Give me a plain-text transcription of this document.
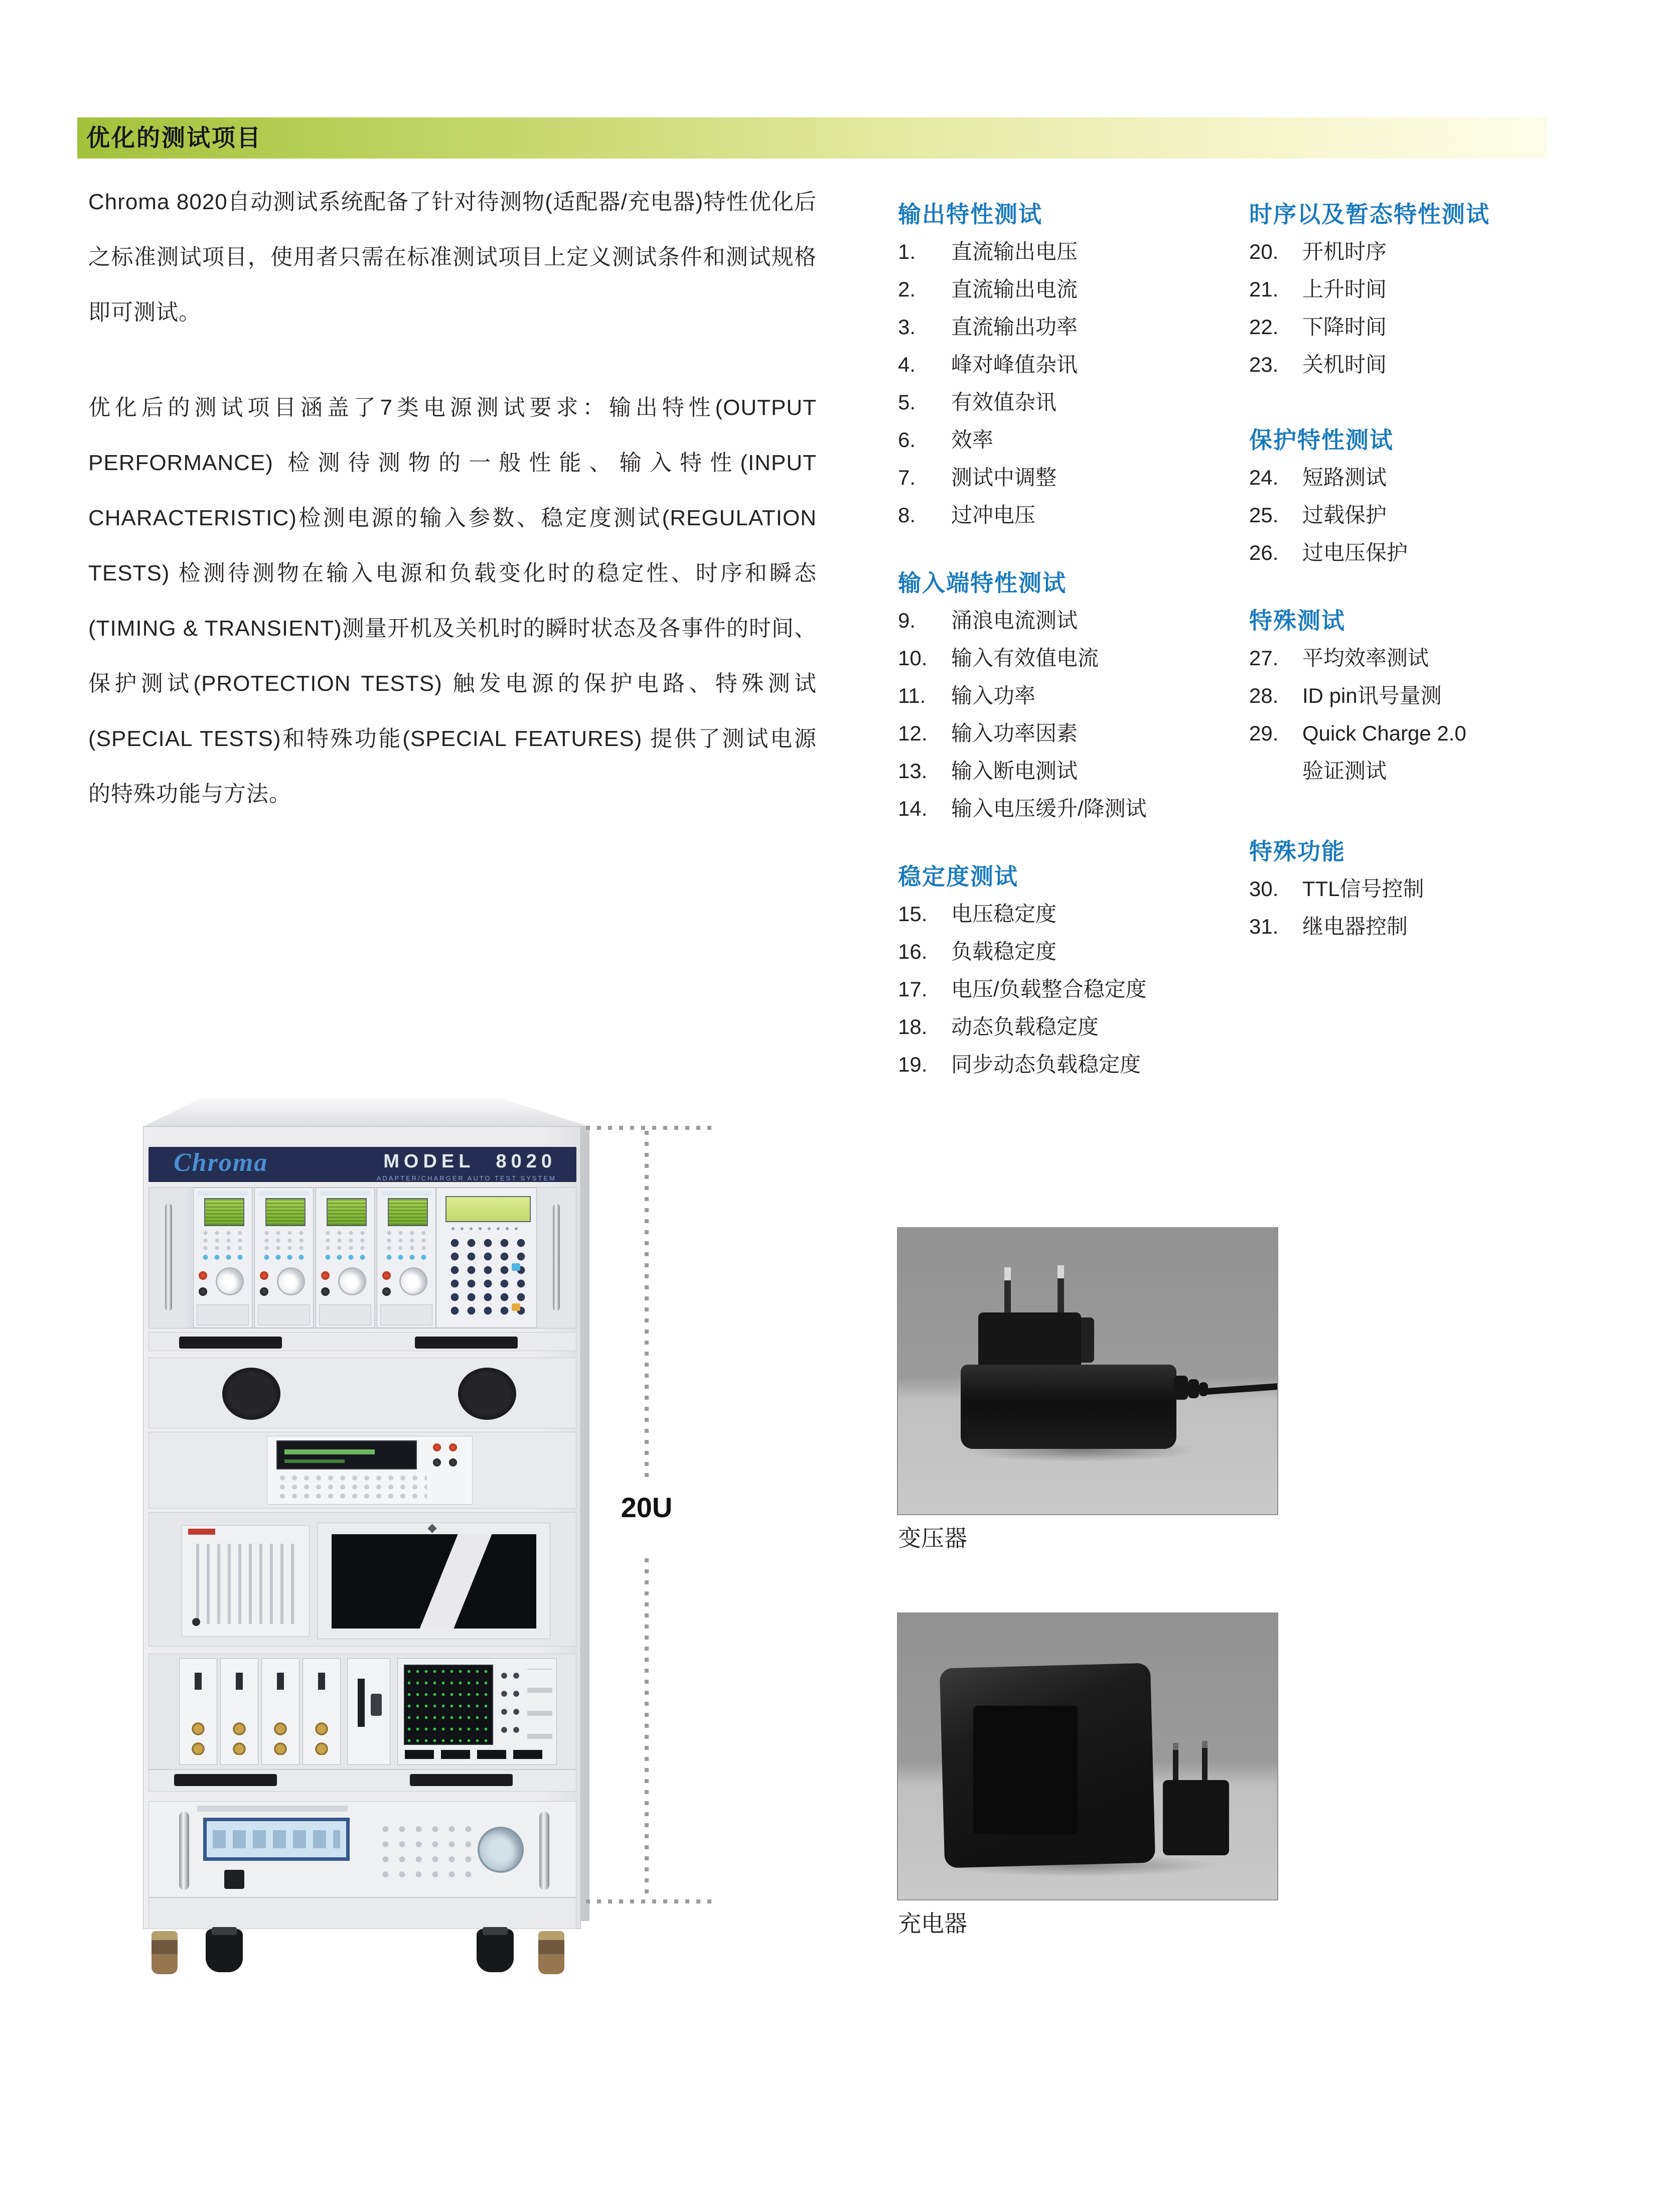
优化的测试项目
Chroma 8020自动测试系统配备了针对待测物(适配器/充电器)特性优化后之标准测试项目，使用者只需在标准测试项目上定义测试条件和测试规格即可测试。
优化后的测试项目涵盖了7类电源测试要求：输出特性(OUTPUT PERFORMANCE) 检测待测物的一般性能、输入特性(INPUT CHARACTERISTIC)检测电源的输入参数、稳定度测试(REGULATION TESTS) 检测待测物在输入电源和负载变化时的稳定性、时序和瞬态(TIMING & TRANSIENT)测量开机及关机时的瞬时状态及各事件的时间、保护测试(PROTECTION TESTS) 触发电源的保护电路、特殊测试(SPECIAL TESTS)和特殊功能(SPECIAL FEATURES) 提供了测试电源的特殊功能与方法。
输出特性测试
1.	直流输出电压
2.	直流输出电流
3.	直流输出功率
4.	峰对峰值杂讯
5.	有效值杂讯
6.	效率
7.	测试中调整
8.	过冲电压
输入端特性测试
9.	涌浪电流测试
10.	输入有效值电流
11.	输入功率
12.	输入功率因素
13.	输入断电测试
14.	输入电压缓升/降测试
稳定度测试
15.	电压稳定度
16.	负载稳定度
17.	电压/负载整合稳定度
18.	动态负载稳定度
19.	同步动态负载稳定度
时序以及暂态特性测试
20.	开机时序
21.	上升时间
22.	下降时间
23.	关机时间
保护特性测试
24.	短路测试
25.	过载保护
26.	过电压保护
特殊测试
27.	平均效率测试
28.	ID pin讯号量测
29.	Quick Charge 2.0
验证测试
特殊功能
30.	TTL信号控制
31.	继电器控制
Chroma	MODEL 8020
ADAPTER/CHARGER AUTO TEST SYSTEM
20U
变压器
充电器
